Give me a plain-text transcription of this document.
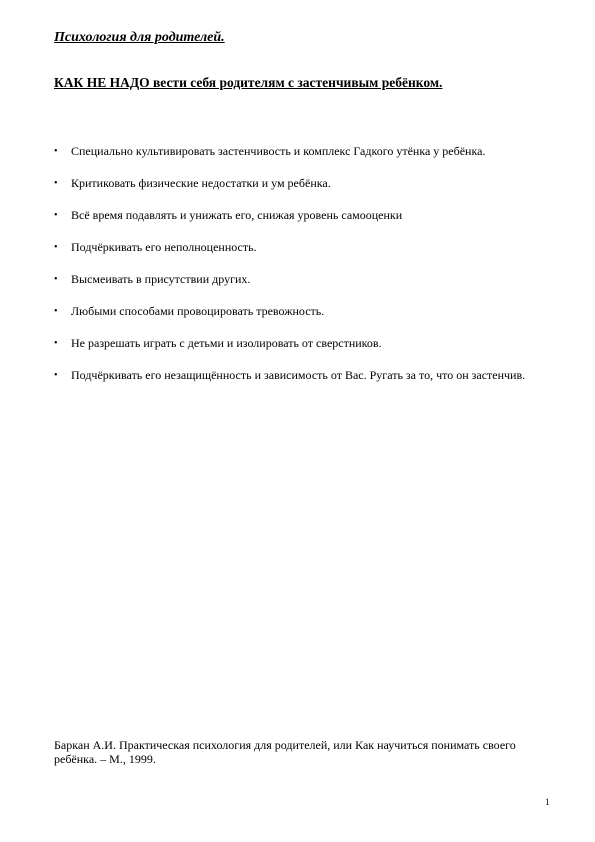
Психология для родителей.

КАК НЕ НАДО вести себя родителям с застенчивым ребёнком.

• Специально культивировать застенчивость и комплекс Гадкого утёнка у ребёнка.
• Критиковать физические недостатки и ум ребёнка.
• Всё время подавлять и унижать его, снижая уровень самооценки
• Подчёркивать его неполноценность.
• Высмеивать в присутствии других.
• Любыми способами провоцировать тревожность.
• Не разрешать играть с детьми и изолировать от сверстников.
• Подчёркивать его незащищённость и зависимость от Вас. Ругать за то, что он застенчив.

Баркан А.И. Практическая психология для родителей, или Как научиться понимать своего ребёнка. – М., 1999.

1
